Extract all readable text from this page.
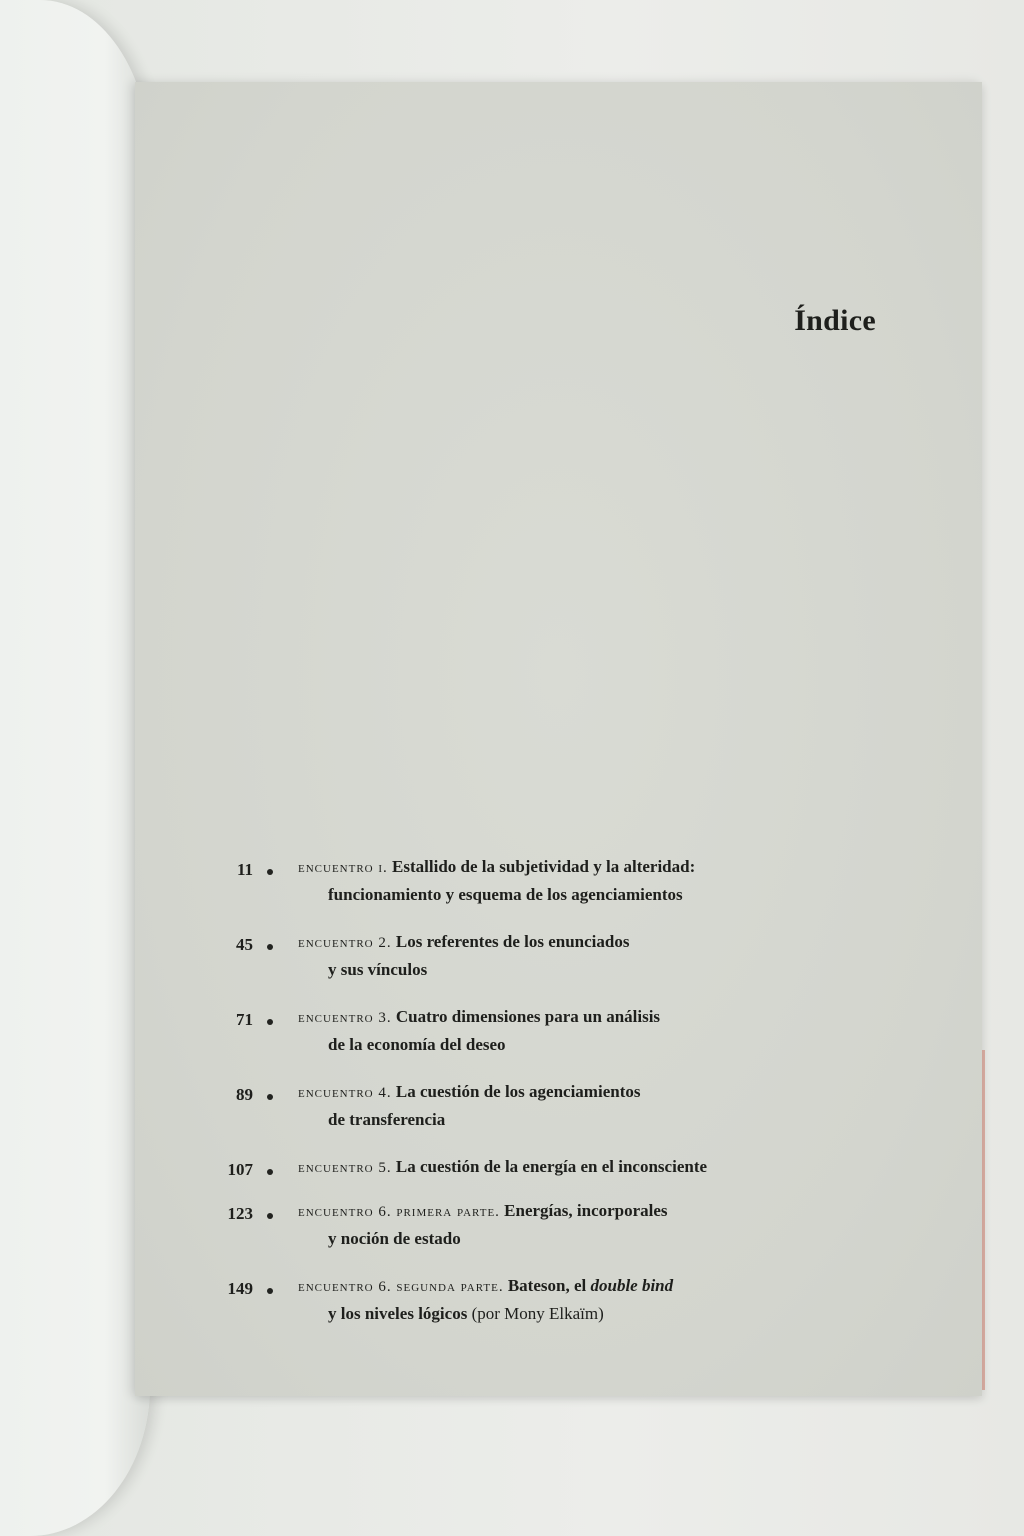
Índice
11	encuentro i. Estallido de la subjetividad y la alteridad:
funcionamiento y esquema de los agenciamientos
45	encuentro 2. Los referentes de los enunciados
y sus vínculos
71	encuentro 3. Cuatro dimensiones para un análisis
de la economía del deseo
89	encuentro 4. La cuestión de los agenciamientos
de transferencia
107	encuentro 5. La cuestión de la energía en el inconsciente
123	encuentro 6. primera parte. Energías, incorporales
y noción de estado
149	encuentro 6. segunda parte. Bateson, el double bind
y los niveles lógicos (por Mony Elkaïm)
